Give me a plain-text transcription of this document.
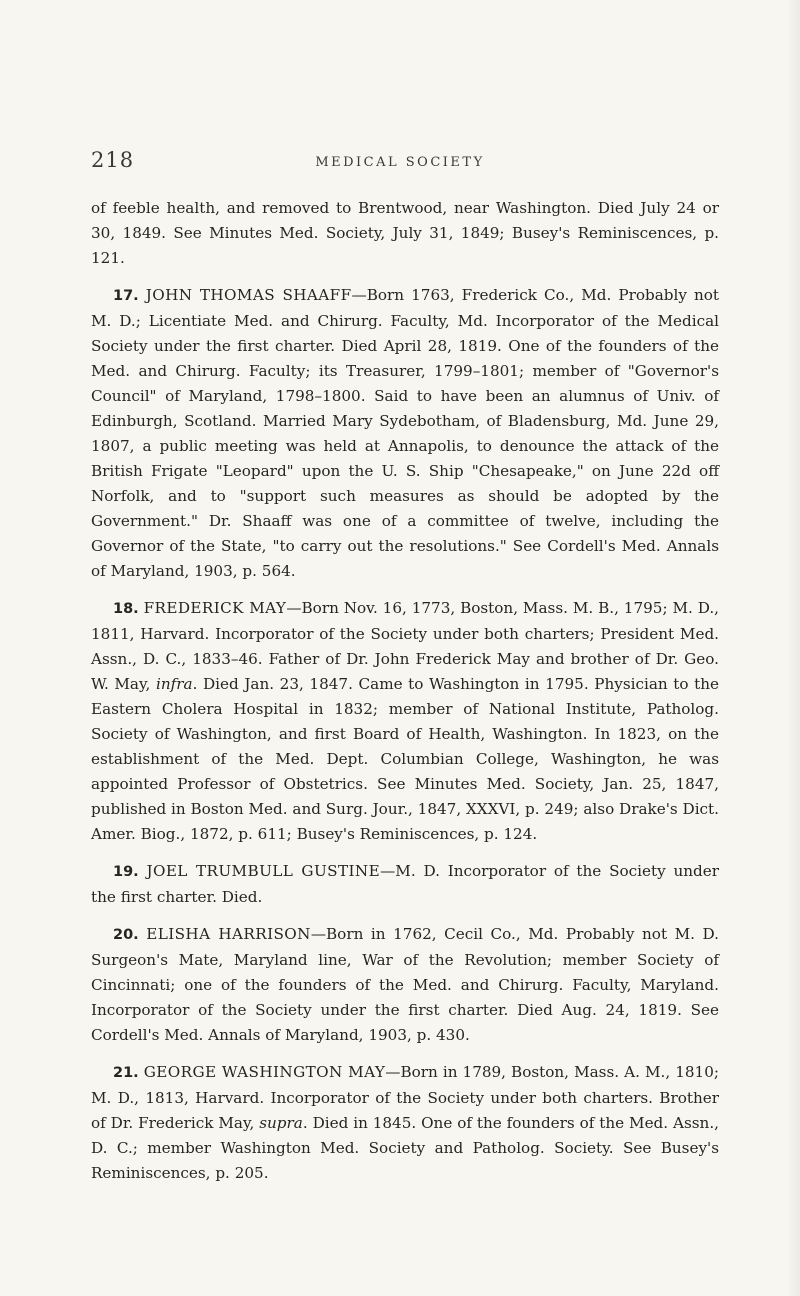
218	MEDICAL SOCIETY

of feeble health, and removed to Brentwood, near Washington. Died July 24 or 30, 1849. See Minutes Med. Society, July 31, 1849; Busey's Reminiscences, p. 121.

17. JOHN THOMAS SHAAFF—Born 1763, Frederick Co., Md. Probably not M. D.; Licentiate Med. and Chirurg. Faculty, Md. Incorporator of the Medical Society under the first charter. Died April 28, 1819. One of the founders of the Med. and Chirurg. Faculty; its Treasurer, 1799–1801; member of "Governor's Council" of Maryland, 1798–1800. Said to have been an alumnus of Univ. of Edinburgh, Scotland. Married Mary Sydebotham, of Bladensburg, Md. June 29, 1807, a public meeting was held at Annapolis, to denounce the attack of the British Frigate "Leopard" upon the U. S. Ship "Chesapeake," on June 22d off Norfolk, and to "support such measures as should be adopted by the Government." Dr. Shaaff was one of a committee of twelve, including the Governor of the State, "to carry out the resolutions." See Cordell's Med. Annals of Maryland, 1903, p. 564.

18. FREDERICK MAY—Born Nov. 16, 1773, Boston, Mass. M. B., 1795; M. D., 1811, Harvard. Incorporator of the Society under both charters; President Med. Assn., D. C., 1833–46. Father of Dr. John Frederick May and brother of Dr. Geo. W. May, infra. Died Jan. 23, 1847. Came to Washington in 1795. Physician to the Eastern Cholera Hospital in 1832; member of National Institute, Patholog. Society of Washington, and first Board of Health, Washington. In 1823, on the establishment of the Med. Dept. Columbian College, Washington, he was appointed Professor of Obstetrics. See Minutes Med. Society, Jan. 25, 1847, published in Boston Med. and Surg. Jour., 1847, XXXVI, p. 249; also Drake's Dict. Amer. Biog., 1872, p. 611; Busey's Reminiscences, p. 124.

19. JOEL TRUMBULL GUSTINE—M. D. Incorporator of the Society under the first charter. Died.

20. ELISHA HARRISON—Born in 1762, Cecil Co., Md. Probably not M. D. Surgeon's Mate, Maryland line, War of the Revolution; member Society of Cincinnati; one of the founders of the Med. and Chirurg. Faculty, Maryland. Incorporator of the Society under the first charter. Died Aug. 24, 1819. See Cordell's Med. Annals of Maryland, 1903, p. 430.

21. GEORGE WASHINGTON MAY—Born in 1789, Boston, Mass. A. M., 1810; M. D., 1813, Harvard. Incorporator of the Society under both charters. Brother of Dr. Frederick May, supra. Died in 1845. One of the founders of the Med. Assn., D. C.; member Washington Med. Society and Patholog. Society. See Busey's Reminiscences, p. 205.
